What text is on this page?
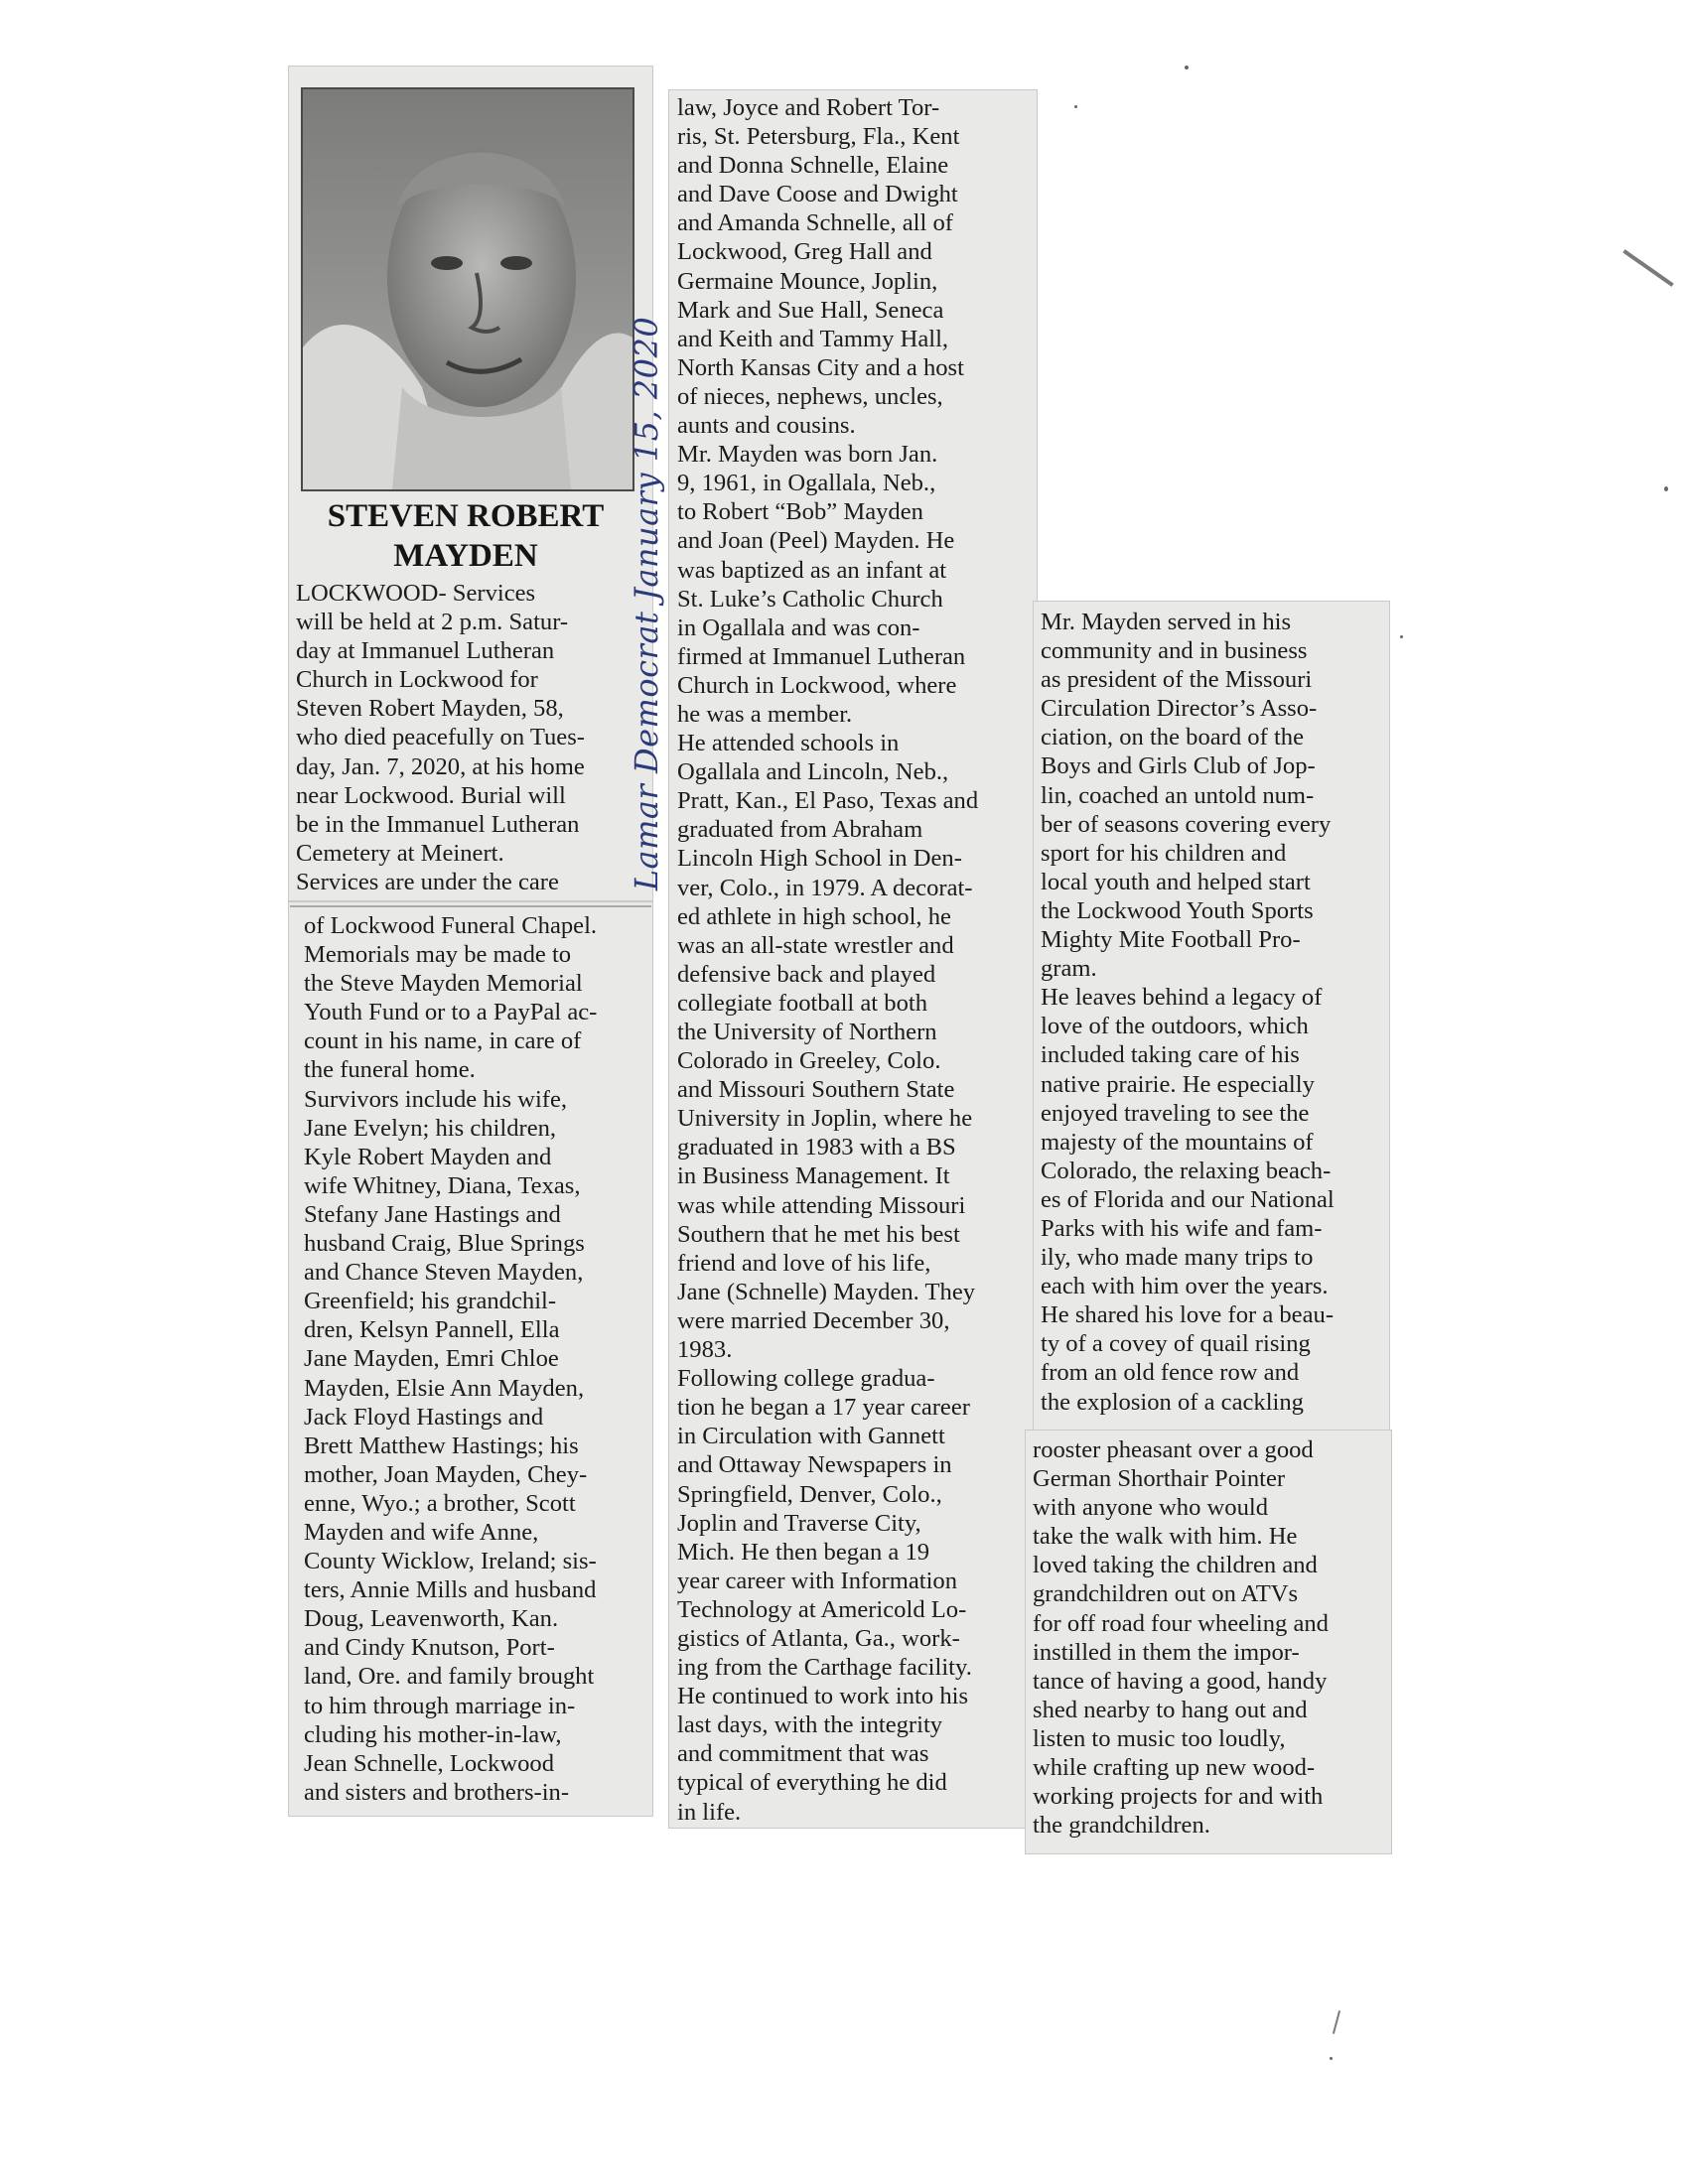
STEVEN ROBERT
MAYDEN
LOCKWOOD- Services
will be held at 2 p.m. Satur-
day at Immanuel Lutheran
Church in Lockwood for
Steven Robert Mayden, 58,
who died peacefully on Tues-
day, Jan. 7, 2020, at his home
near Lockwood. Burial will
be in the Immanuel Lutheran
Cemetery at Meinert.
Services are under the care
of Lockwood Funeral Chapel.
Memorials may be made to
the Steve Mayden Memorial
Youth Fund or to a PayPal ac-
count in his name, in care of
the funeral home.
Survivors include his wife,
Jane Evelyn; his children,
Kyle Robert Mayden and
wife Whitney, Diana, Texas,
Stefany Jane Hastings and
husband Craig, Blue Springs
and Chance Steven Mayden,
Greenfield; his grandchil-
dren, Kelsyn Pannell, Ella
Jane Mayden, Emri Chloe
Mayden, Elsie Ann Mayden,
Jack Floyd Hastings and
Brett Matthew Hastings; his
mother, Joan Mayden, Chey-
enne, Wyo.; a brother, Scott
Mayden and wife Anne,
County Wicklow, Ireland; sis-
ters, Annie Mills and husband
Doug, Leavenworth, Kan.
and Cindy Knutson, Port-
land, Ore. and family brought
to him through marriage in-
cluding his mother-in-law,
Jean Schnelle, Lockwood
and sisters and brothers-in-
law, Joyce and Robert Tor-
ris, St. Petersburg, Fla., Kent
and Donna Schnelle, Elaine
and Dave Coose and Dwight
and Amanda Schnelle, all of
Lockwood, Greg Hall and
Germaine Mounce, Joplin,
Mark and Sue Hall, Seneca
and Keith and Tammy Hall,
North Kansas City and a host
of nieces, nephews, uncles,
aunts and cousins.
Mr. Mayden was born Jan.
9, 1961, in Ogallala, Neb.,
to Robert “Bob” Mayden
and Joan (Peel) Mayden. He
was baptized as an infant at
St. Luke’s Catholic Church
in Ogallala and was con-
firmed at Immanuel Lutheran
Church in Lockwood, where
he was a member.
He attended schools in
Ogallala and Lincoln, Neb.,
Pratt, Kan., El Paso, Texas and
graduated from Abraham
Lincoln High School in Den-
ver, Colo., in 1979. A decorat-
ed athlete in high school, he
was an all-state wrestler and
defensive back and played
collegiate football at both
the University of Northern
Colorado in Greeley, Colo.
and Missouri Southern State
University in Joplin, where he
graduated in 1983 with a BS
in Business Management. It
was while attending Missouri
Southern that he met his best
friend and love of his life,
Jane (Schnelle) Mayden. They
were married December 30,
1983.
Following college gradua-
tion he began a 17 year career
in Circulation with Gannett
and Ottaway Newspapers in
Springfield, Denver, Colo.,
Joplin and Traverse City,
Mich. He then began a 19
year career with Information
Technology at Americold Lo-
gistics of Atlanta, Ga., work-
ing from the Carthage facility.
He continued to work into his
last days, with the integrity
and commitment that was
typical of everything he did
in life.
Mr. Mayden served in his
community and in business
as president of the Missouri
Circulation Director’s Asso-
ciation, on the board of the
Boys and Girls Club of Jop-
lin, coached an untold num-
ber of seasons covering every
sport for his children and
local youth and helped start
the Lockwood Youth Sports
Mighty Mite Football Pro-
gram.
He leaves behind a legacy of
love of the outdoors, which
included taking care of his
native prairie. He especially
enjoyed traveling to see the
majesty of the mountains of
Colorado, the relaxing beach-
es of Florida and our National
Parks with his wife and fam-
ily, who made many trips to
each with him over the years.
He shared his love for a beau-
ty of a covey of quail rising
from an old fence row and
the explosion of a cackling
rooster pheasant over a good
German Shorthair Pointer
with anyone who would
take the walk with him. He
loved taking the children and
grandchildren out on ATVs
for off road four wheeling and
instilled in them the impor-
tance of having a good, handy
shed nearby to hang out and
listen to music too loudly,
while crafting up new wood-
working projects for and with
the grandchildren.
Lamar Democrat January 15, 2020
